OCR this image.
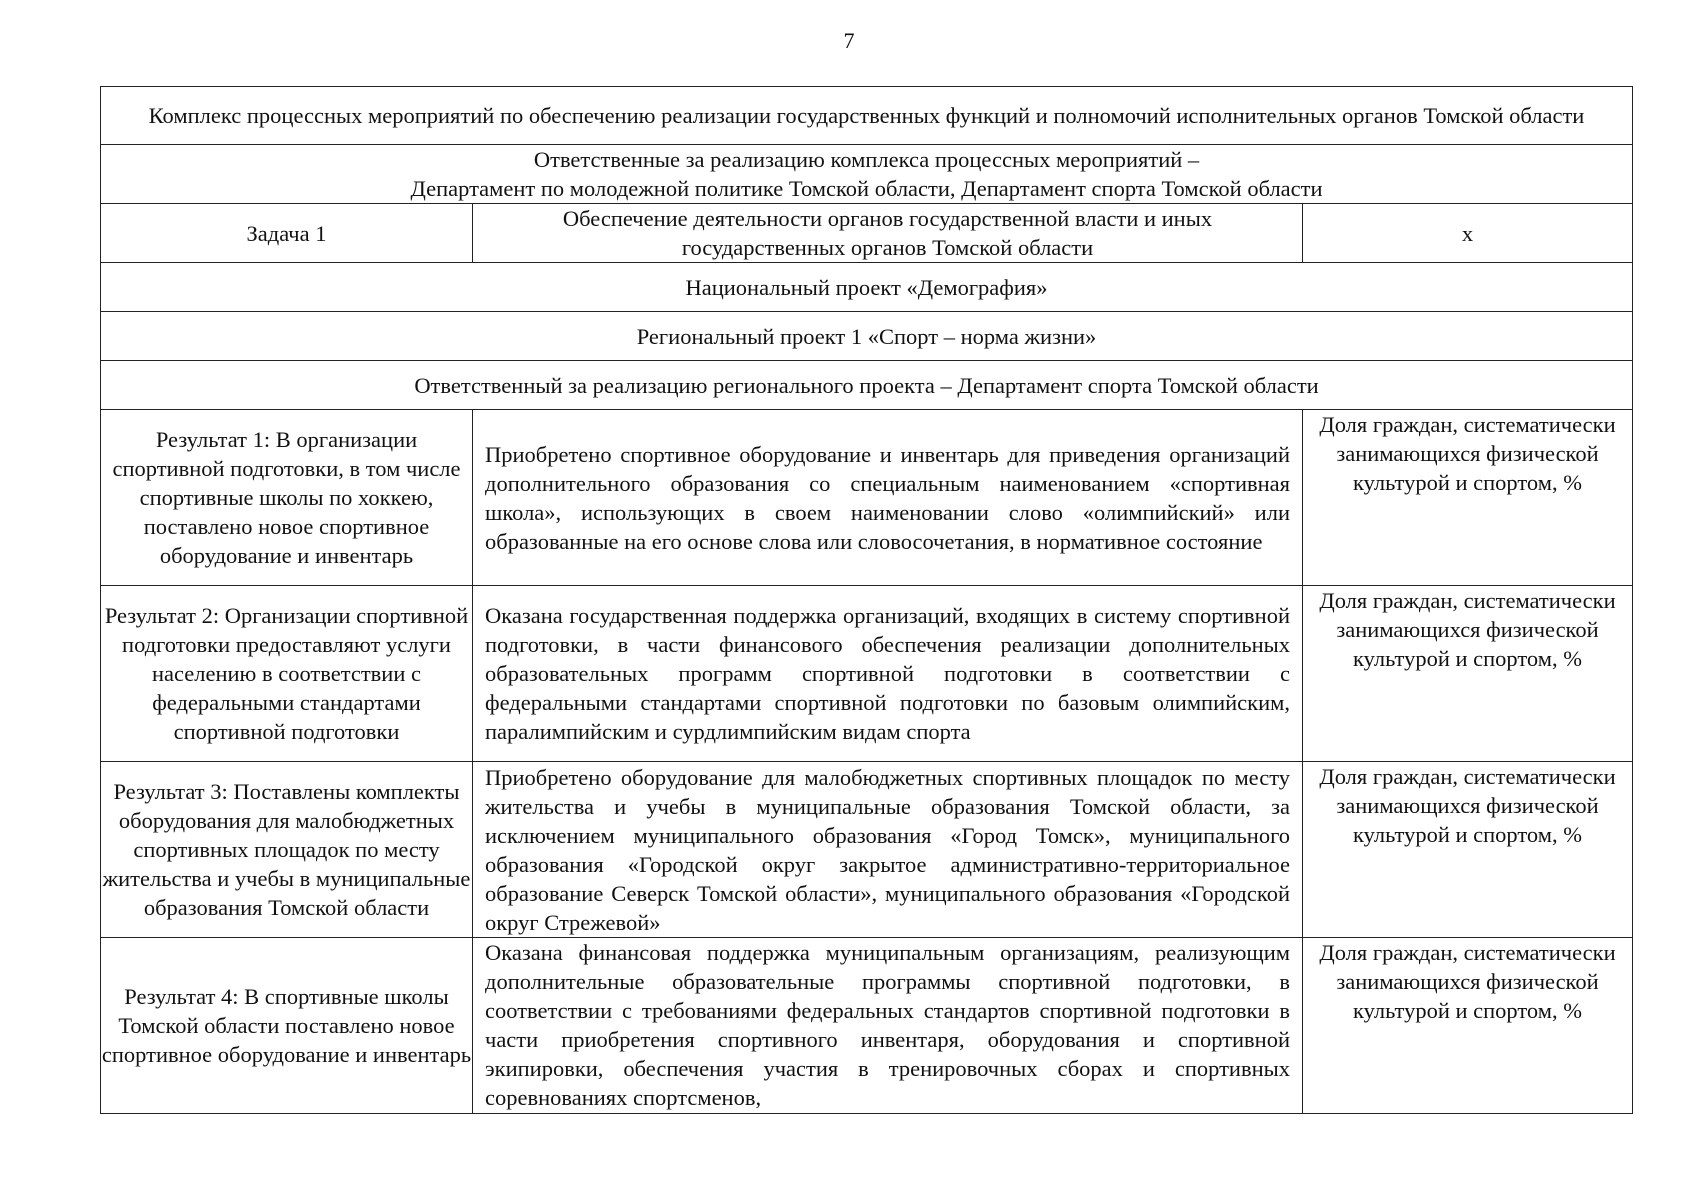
7
Комплекс процессных мероприятий по обеспечению реализации государственных функций и полномочий исполнительных органов Томской области		

Ответственные за реализацию комплекса процессных мероприятий –
Департамент по молодежной политике Томской области, Департамент спорта Томской области		

Задача 1	Обеспечение деятельности органов государственной власти и иных государственных органов Томской области	х
Национальный проект «Демография»		
Региональный проект 1 «Спорт – норма жизни»		
Ответственный за реализацию регионального проекта – Департамент спорта Томской области		
Результат 1: В организации спортивной подготовки, в том числе спортивные школы по хоккею, поставлено новое спортивное оборудование и инвентарь	Приобретено спортивное оборудование и инвентарь для приведения организаций дополнительного образования со специальным наименованием «спортивная школа», использующих в своем наименовании слово «олимпийский» или образованные на его основе слова или словосочетания, в нормативное состояние	Доля граждан, систематически занимающихся физической культурой и спортом, %
Результат 2: Организации спортивной подготовки предоставляют услуги населению в соответствии с федеральными стандартами спортивной подготовки	Оказана государственная поддержка организаций, входящих в систему спортивной подготовки, в части финансового обеспечения реализации дополнительных образовательных программ спортивной подготовки в соответствии с федеральными стандартами спортивной подготовки по базовым олимпийским, паралимпийским и сурдлимпийским видам спорта	Доля граждан, систематически занимающихся физической культурой и спортом, %
Результат 3: Поставлены комплекты оборудования для малобюджетных спортивных площадок по месту жительства и учебы в муниципальные образования Томской области	Приобретено оборудование для малобюджетных спортивных площадок по месту жительства и учебы в муниципальные образования Томской области, за исключением муниципального образования «Город Томск», муниципального образования «Городской округ закрытое административно-территориальное образование Северск Томской области», муниципального образования «Городской округ Стрежевой»	Доля граждан, систематически занимающихся физической культурой и спортом, %
Результат 4: В спортивные школы Томской области поставлено новое спортивное оборудование и инвентарь	Оказана финансовая поддержка муниципальным организациям, реализующим дополнительные образовательные программы спортивной подготовки, в соответствии с требованиями федеральных стандартов спортивной подготовки в части приобретения спортивного инвентаря, оборудования и спортивной экипировки, обеспечения участия в тренировочных сборах и спортивных соревнованиях спортсменов,	Доля граждан, систематически занимающихся физической культурой и спортом, %
